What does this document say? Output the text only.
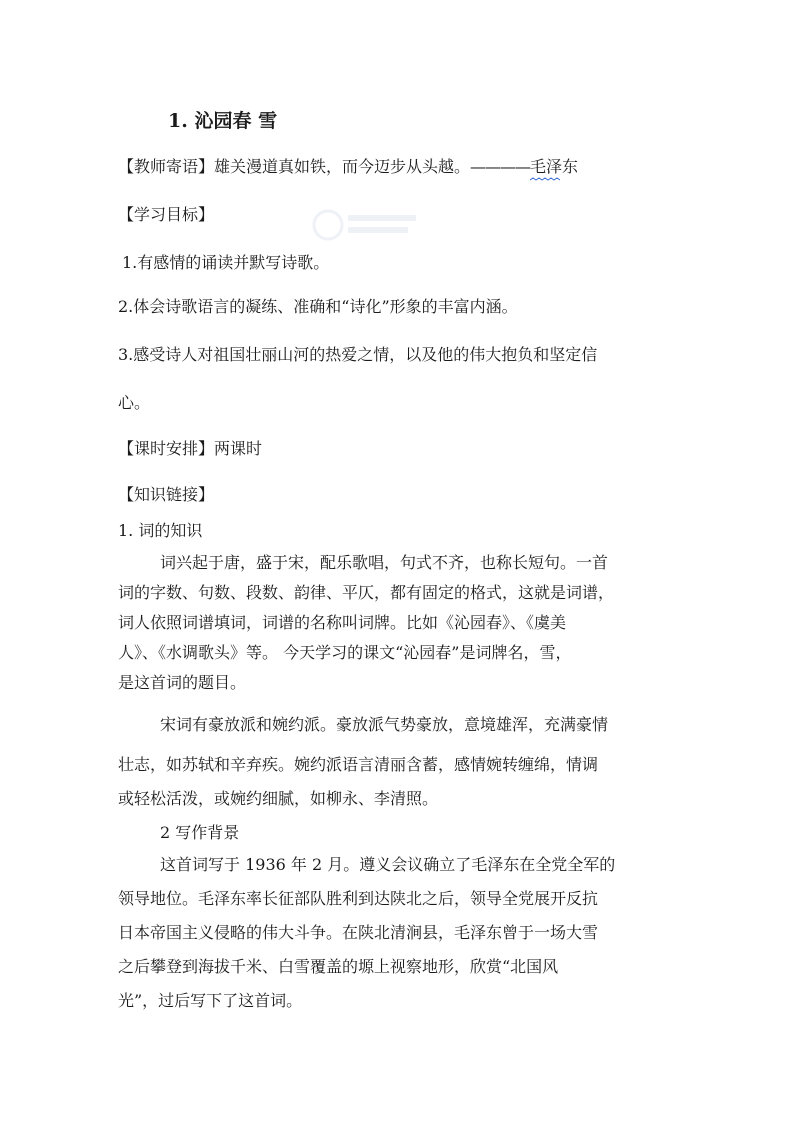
1. 沁园春 雪
【教师寄语】雄关漫道真如铁，而今迈步从头越。————毛泽东
【学习目标】
1.有感情的诵读并默写诗歌。
2.体会诗歌语言的凝练、准确和“诗化”形象的丰富内涵。
3.感受诗人对祖国壮丽山河的热爱之情，以及他的伟大抱负和坚定信
心。
【课时安排】两课时
【知识链接】
1. 词的知识
词兴起于唐，盛于宋，配乐歌唱，句式不齐，也称长短句。一首
词的字数、句数、段数、韵律、平仄，都有固定的格式，这就是词谱，
词人依照词谱填词，词谱的名称叫词牌。比如《沁园春》、《虞美
人》、《水调歌头》等。 今天学习的课文“沁园春”是词牌名，雪，
是这首词的题目。
宋词有豪放派和婉约派。豪放派气势豪放，意境雄浑，充满豪情
壮志，如苏轼和辛弃疾。婉约派语言清丽含蓄，感情婉转缠绵，情调
或轻松活泼，或婉约细腻，如柳永、李清照。
2 写作背景
这首词写于 1936 年 2 月。遵义会议确立了毛泽东在全党全军的
领导地位。毛泽东率长征部队胜利到达陕北之后，领导全党展开反抗
日本帝国主义侵略的伟大斗争。在陕北清涧县，毛泽东曾于一场大雪
之后攀登到海拔千米、白雪覆盖的塬上视察地形，欣赏“北国风
光”，过后写下了这首词。
